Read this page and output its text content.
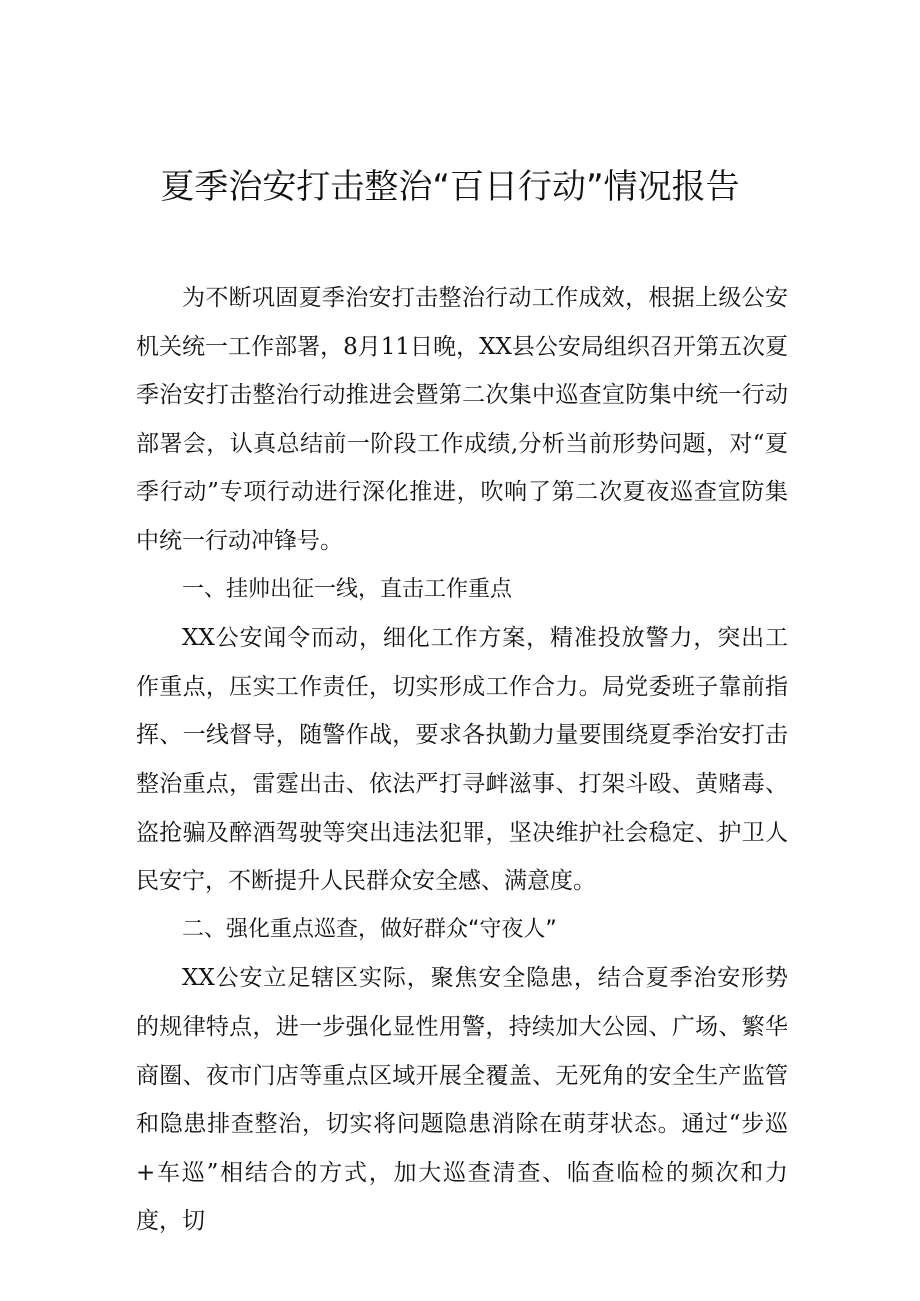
夏季治安打击整治“百日行动”情况报告

为不断巩固夏季治安打击整治行动工作成效，根据上级公安机关统一工作部署，8月11日晚，XX县公安局组织召开第五次夏季治安打击整治行动推进会暨第二次集中巡查宣防集中统一行动部署会，认真总结前一阶段工作成绩,分析当前形势问题，对“夏季行动”专项行动进行深化推进，吹响了第二次夏夜巡查宣防集中统一行动冲锋号。

一、挂帅出征一线，直击工作重点

XX公安闻令而动，细化工作方案，精准投放警力，突出工作重点，压实工作责任，切实形成工作合力。局党委班子靠前指挥、一线督导，随警作战，要求各执勤力量要围绕夏季治安打击整治重点，雷霆出击、依法严打寻衅滋事、打架斗殴、黄赌毒、盗抢骗及醉酒驾驶等突出违法犯罪，坚决维护社会稳定、护卫人民安宁，不断提升人民群众安全感、满意度。

二、强化重点巡查，做好群众“守夜人”

XX公安立足辖区实际，聚焦安全隐患，结合夏季治安形势的规律特点，进一步强化显性用警，持续加大公园、广场、繁华商圈、夜市门店等重点区域开展全覆盖、无死角的安全生产监管和隐患排查整治，切实将问题隐患消除在萌芽状态。通过“步巡+车巡”相结合的方式，加大巡查清查、临查临检的频次和力度，切
